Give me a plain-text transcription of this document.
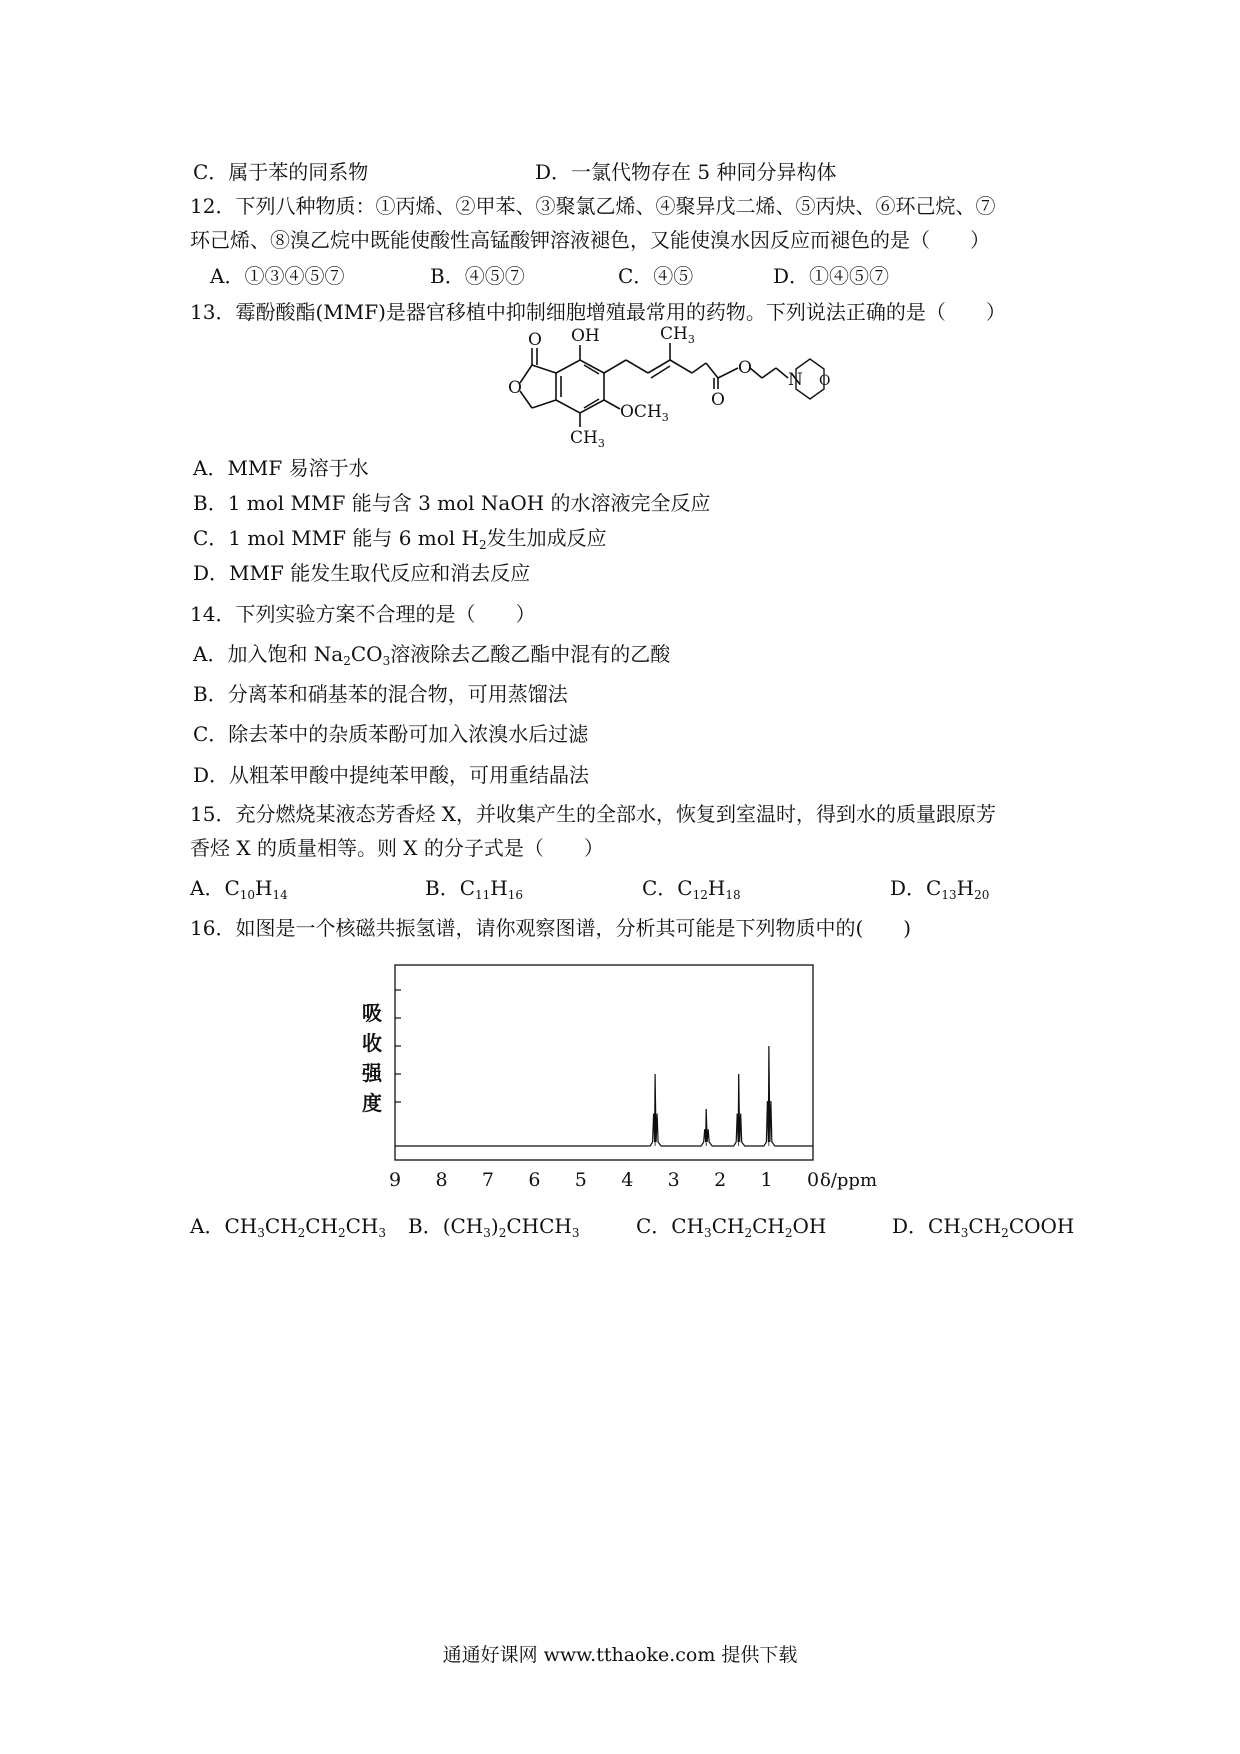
C．属于苯的同系物	D．一氯代物存在 5 种同分异构体
12．下列八种物质：①丙烯、②甲苯、③聚氯乙烯、④聚异戊二烯、⑤丙炔、⑥环己烷、⑦
环己烯、⑧溴乙烷中既能使酸性高锰酸钾溶液褪色，又能使溴水因反应而褪色的是（　　）
A．①③④⑤⑦	B．④⑤⑦	C．④⑤	D．①④⑤⑦
13．霉酚酸酯(MMF)是器官移植中抑制细胞增殖最常用的药物。下列说法正确的是（　　）
O OH	$CH_3$
O
$OCH_3$
$CH_3$
O
O
N O
A．MMF 易溶于水
B．1 mol MMF 能与含 3 mol NaOH 的水溶液完全反应
C．1 mol MMF 能与 6 mol $H_2$发生加成反应
D．MMF 能发生取代反应和消去反应
14．下列实验方案不合理的是（　　）
A．加入饱和 $Na_2CO_3$溶液除去乙酸乙酯中混有的乙酸
B．分离苯和硝基苯的混合物，可用蒸馏法
C．除去苯中的杂质苯酚可加入浓溴水后过滤
D．从粗苯甲酸中提纯苯甲酸，可用重结晶法
15．充分燃烧某液态芳香烃 X，并收集产生的全部水，恢复到室温时，得到水的质量跟原芳
香烃 X 的质量相等。则 X 的分子式是（　　）
A．$C_{10}H_{14}$	B．$C_{11}H_{16}$	C．$C_{12}H_{18}$	D．$C_{13}H_{20}$
16．如图是一个核磁共振氢谱，请你观察图谱，分析其可能是下列物质中的(　　)
吸
收
强
度
9 8 7 6 5 4 3 2 1 0 δ/ppm
A．$CH_3CH_2CH_2CH_3$ B．$(CH_3)_2CHCH_3$	C．$CH_3CH_2CH_2OH$	D．$CH_3CH_2COOH$
通通好课网 www.tthaoke.com 提供下载
